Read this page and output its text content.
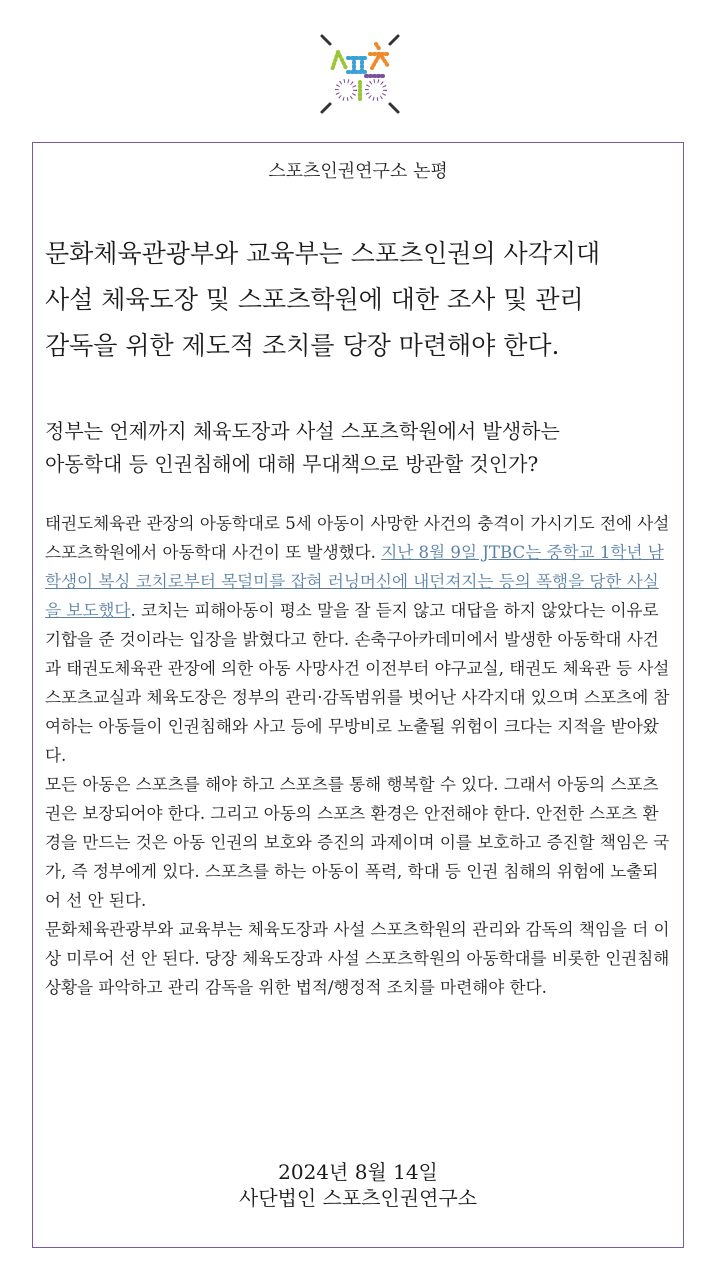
스포츠인권연구소 논평
문화체육관광부와 교육부는 스포츠인권의 사각지대
사설 체육도장 및 스포츠학원에 대한 조사 및 관리
감독을 위한 제도적 조치를 당장 마련해야 한다.
정부는 언제까지 체육도장과 사설 스포츠학원에서 발생하는
아동학대 등 인권침해에 대해 무대책으로 방관할 것인가?

태권도체육관 관장의 아동학대로 5세 아동이 사망한 사건의 충격이 가시기도 전에 사설 스포츠학원에서 아동학대 사건이 또 발생했다. 지난 8월 9일 JTBC는 중학교 1학년 남학생이 복싱 코치로부터 목덜미를 잡혀 러닝머신에 내던져지는 등의 폭행을 당한 사실을 보도했다. 코치는 피해아동이 평소 말을 잘 듣지 않고 대답을 하지 않았다는 이유로 기합을 준 것이라는 입장을 밝혔다고 한다. 손축구아카데미에서 발생한 아동학대 사건과 태권도체육관 관장에 의한 아동 사망사건 이전부터 야구교실, 태권도 체육관 등 사설 스포츠교실과 체육도장은 정부의 관리·감독범위를 벗어난 사각지대 있으며 스포츠에 참여하는 아동들이 인권침해와 사고 등에 무방비로 노출될 위험이 크다는 지적을 받아왔다.

모든 아동은 스포츠를 해야 하고 스포츠를 통해 행복할 수 있다. 그래서 아동의 스포츠권은 보장되어야 한다. 그리고 아동의 스포츠 환경은 안전해야 한다. 안전한 스포츠 환경을 만드는 것은 아동 인권의 보호와 증진의 과제이며 이를 보호하고 증진할 책임은 국가, 즉 정부에게 있다. 스포츠를 하는 아동이 폭력, 학대 등 인권 침해의 위험에 노출되어 선 안 된다.

문화체육관광부와 교육부는 체육도장과 사설 스포츠학원의 관리와 감독의 책임을 더 이상 미루어 선 안 된다. 당장 체육도장과 사설 스포츠학원의 아동학대를 비롯한 인권침해 상황을 파악하고 관리 감독을 위한 법적/행정적 조치를 마련해야 한다.

2024년 8월 14일
사단법인 스포츠인권연구소
